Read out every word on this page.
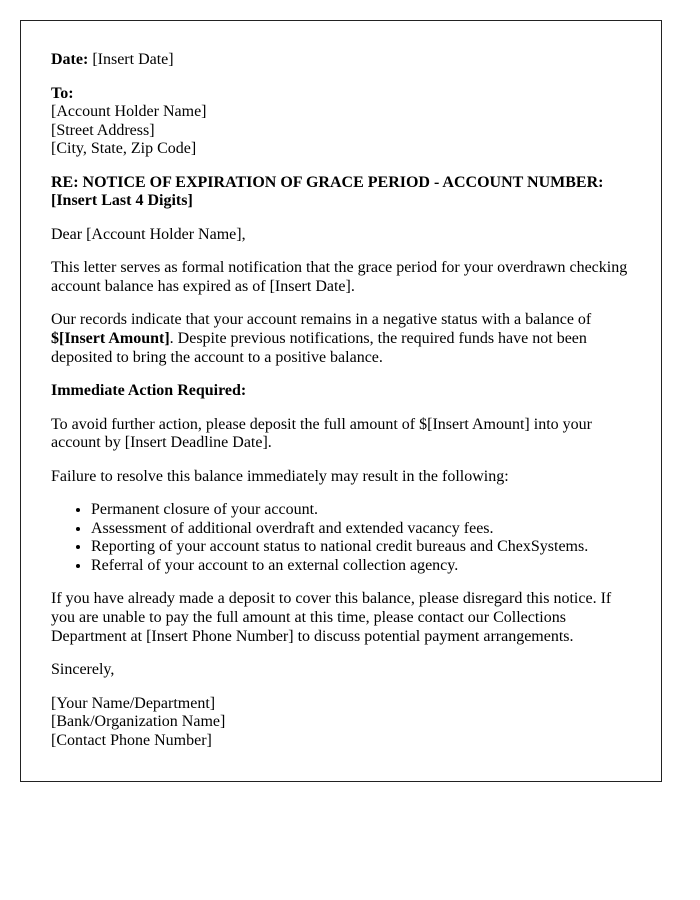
Date: [Insert Date]

To:
[Account Holder Name]
[Street Address]
[City, State, Zip Code]

RE: NOTICE OF EXPIRATION OF GRACE PERIOD - ACCOUNT NUMBER: [Insert Last 4 Digits]

Dear [Account Holder Name],

This letter serves as formal notification that the grace period for your overdrawn checking account balance has expired as of [Insert Date].

Our records indicate that your account remains in a negative status with a balance of $[Insert Amount]. Despite previous notifications, the required funds have not been deposited to bring the account to a positive balance.

Immediate Action Required:

To avoid further action, please deposit the full amount of $[Insert Amount] into your account by [Insert Deadline Date].

Failure to resolve this balance immediately may result in the following:

• Permanent closure of your account.
• Assessment of additional overdraft and extended vacancy fees.
• Reporting of your account status to national credit bureaus and ChexSystems.
• Referral of your account to an external collection agency.

If you have already made a deposit to cover this balance, please disregard this notice. If you are unable to pay the full amount at this time, please contact our Collections Department at [Insert Phone Number] to discuss potential payment arrangements.

Sincerely,

[Your Name/Department]
[Bank/Organization Name]
[Contact Phone Number]
